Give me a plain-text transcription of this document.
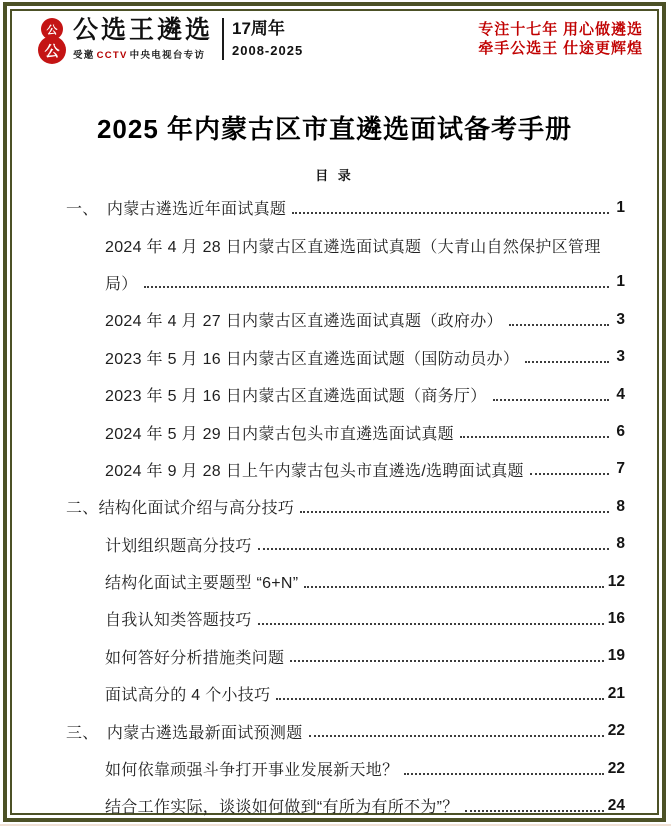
公
公
公选王遴选
受邀 CCTV 中央电视台专访
17周年
2008-2025
专注十七年 用心做遴选
牵手公选王 仕途更辉煌
2025 年内蒙古区市直遴选面试备考手册
目 录
一、　内蒙古遴选近年面试真题	1
2024 年 4 月 28 日内蒙古区直遴选面试真题（大青山自然保护区管理
局）	1
2024 年 4 月 27 日内蒙古区直遴选面试真题（政府办）	3
2023 年 5 月 16 日内蒙古区直遴选面试题（国防动员办）	3
2023 年 5 月 16 日内蒙古区直遴选面试题（商务厅）	4
2024 年 5 月 29 日内蒙古包头市直遴选面试真题	6
2024 年 9 月 28 日上午内蒙古包头市直遴选/选聘面试真题	7
二、结构化面试介绍与高分技巧	8
计划组织题高分技巧	8
结构化面试主要题型 “6+N”	12
自我认知类答题技巧	16
如何答好分析措施类问题	19
面试高分的 4 个小技巧	21
三、　内蒙古遴选最新面试预测题	22
如何依靠顽强斗争打开事业发展新天地？	22
结合工作实际，谈谈如何做到“有所为有所不为”？	24
